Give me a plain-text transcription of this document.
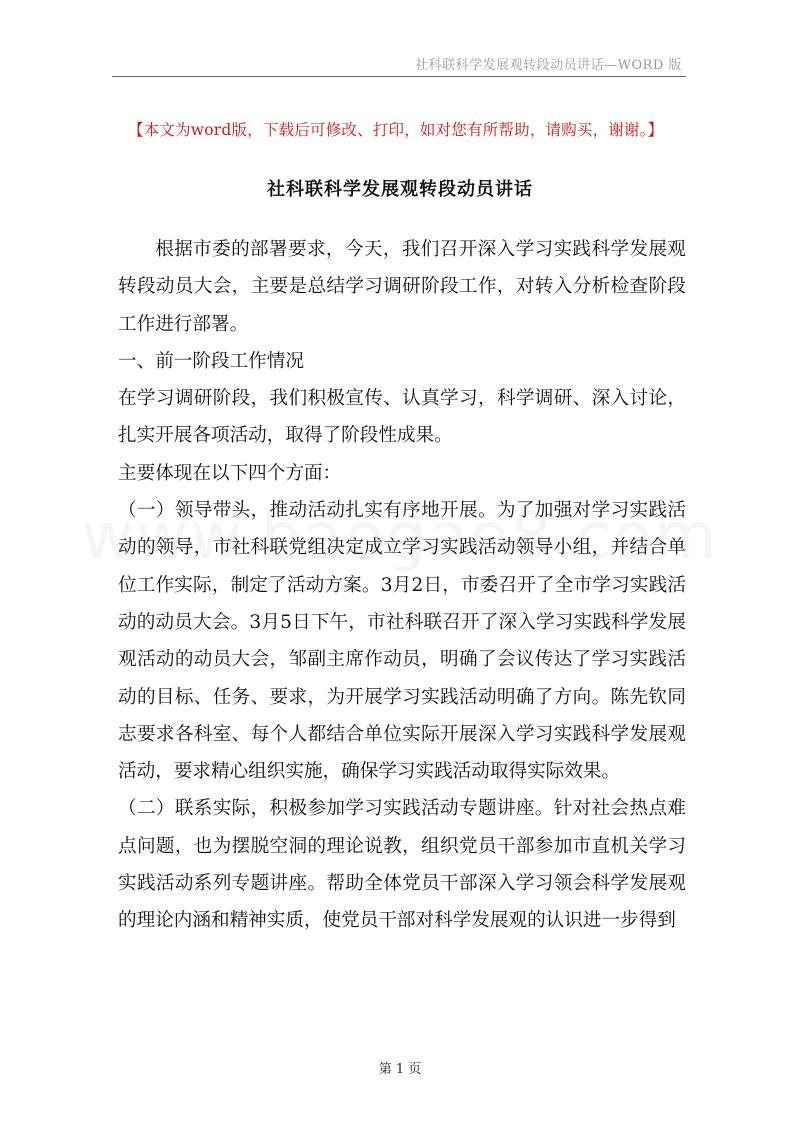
社科联科学发展观转段动员讲话—WORD 版
【本文为word版，下载后可修改、打印，如对您有所帮助，请购买，谢谢。】
社科联科学发展观转段动员讲话

根据市委的部署要求，今天，我们召开深入学习实践科学发展观转段动员大会，主要是总结学习调研阶段工作，对转入分析检查阶段工作进行部署。

一、前一阶段工作情况

在学习调研阶段，我们积极宣传、认真学习，科学调研、深入讨论，扎实开展各项活动，取得了阶段性成果。

主要体现在以下四个方面：

（一）领导带头，推动活动扎实有序地开展。为了加强对学习实践活动的领导，市社科联党组决定成立学习实践活动领导小组，并结合单位工作实际，制定了活动方案。3月2日，市委召开了全市学习实践活动的动员大会。3月5日下午，市社科联召开了深入学习实践科学发展观活动的动员大会，邹副主席作动员，明确了会议传达了学习实践活动的目标、任务、要求，为开展学习实践活动明确了方向。陈先钦同志要求各科室、每个人都结合单位实际开展深入学习实践科学发展观活动，要求精心组织实施，确保学习实践活动取得实际效果。

（二）联系实际，积极参加学习实践活动专题讲座。针对社会热点难点问题，也为摆脱空洞的理论说教，组织党员干部参加市直机关学习实践活动系列专题讲座。帮助全体党员干部深入学习领会科学发展观的理论内涵和精神实质，使党员干部对科学发展观的认识进一步得到

第 1 页
